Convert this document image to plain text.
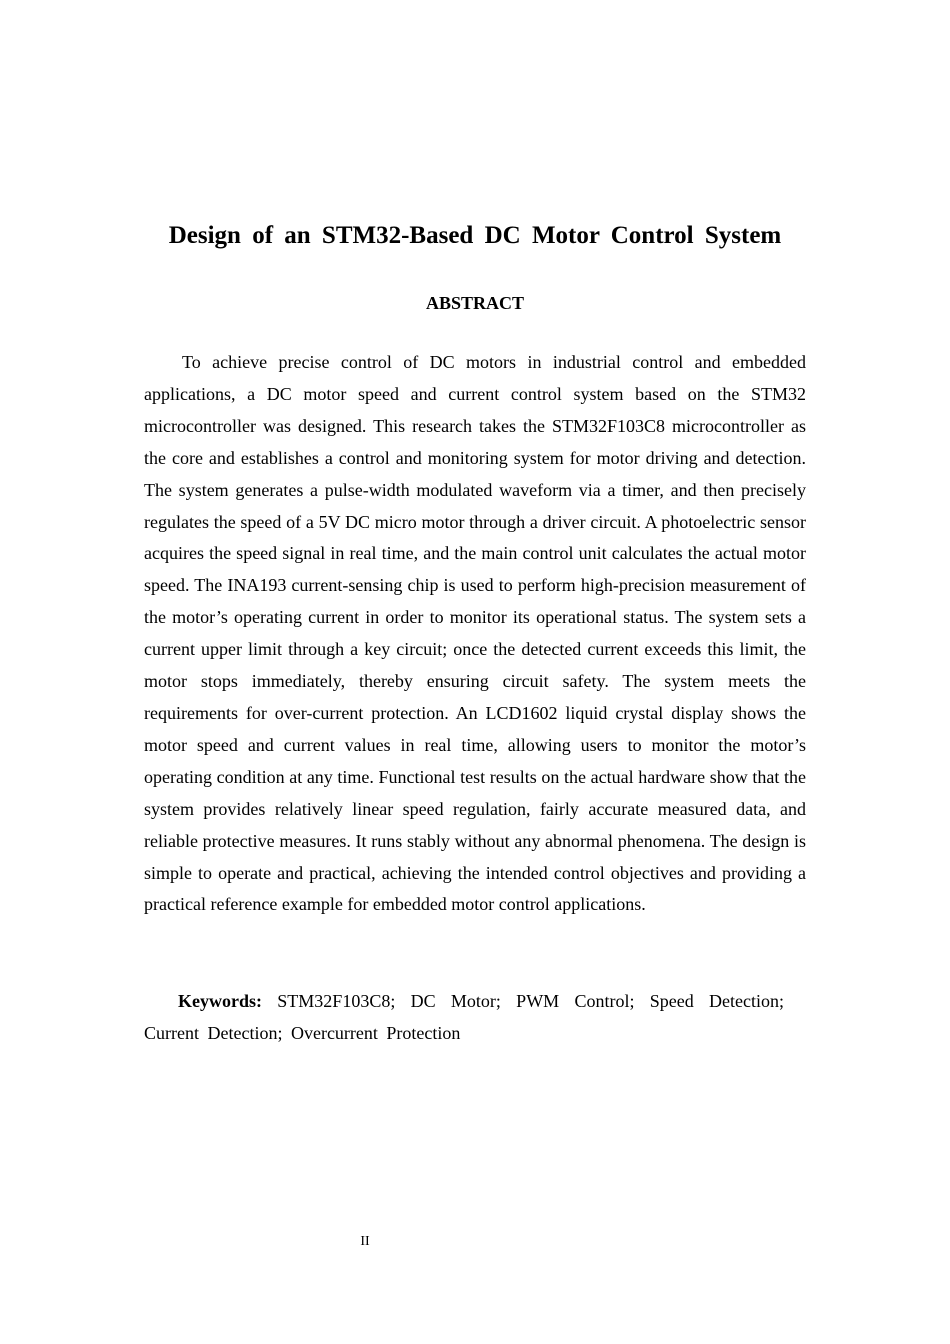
Design of an STM32-Based DC Motor Control System
ABSTRACT

To achieve precise control of DC motors in industrial control and embedded applications, a DC motor speed and current control system based on the STM32 microcontroller was designed. This research takes the STM32F103C8 microcontroller as the core and establishes a control and monitoring system for motor driving and detection. The system generates a pulse-width modulated waveform via a timer, and then precisely regulates the speed of a 5V DC micro motor through a driver circuit. A photoelectric sensor acquires the speed signal in real time, and the main control unit calculates the actual motor speed. The INA193 current-sensing chip is used to perform high-precision measurement of the motor’s operating current in order to monitor its operational status. The system sets a current upper limit through a key circuit; once the detected current exceeds this limit, the motor stops immediately, thereby ensuring circuit safety. The system meets the requirements for over-current protection. An LCD1602 liquid crystal display shows the motor speed and current values in real time, allowing users to monitor the motor’s operating condition at any time. Functional test results on the actual hardware show that the system provides relatively linear speed regulation, fairly accurate measured data, and reliable protective measures. It runs stably without any abnormal phenomena. The design is simple to operate and practical, achieving the intended control objectives and providing a practical reference example for embedded motor control applications.

Keywords: STM32F103C8; DC Motor; PWM Control; Speed Detection; Current Detection; Overcurrent Protection

II
